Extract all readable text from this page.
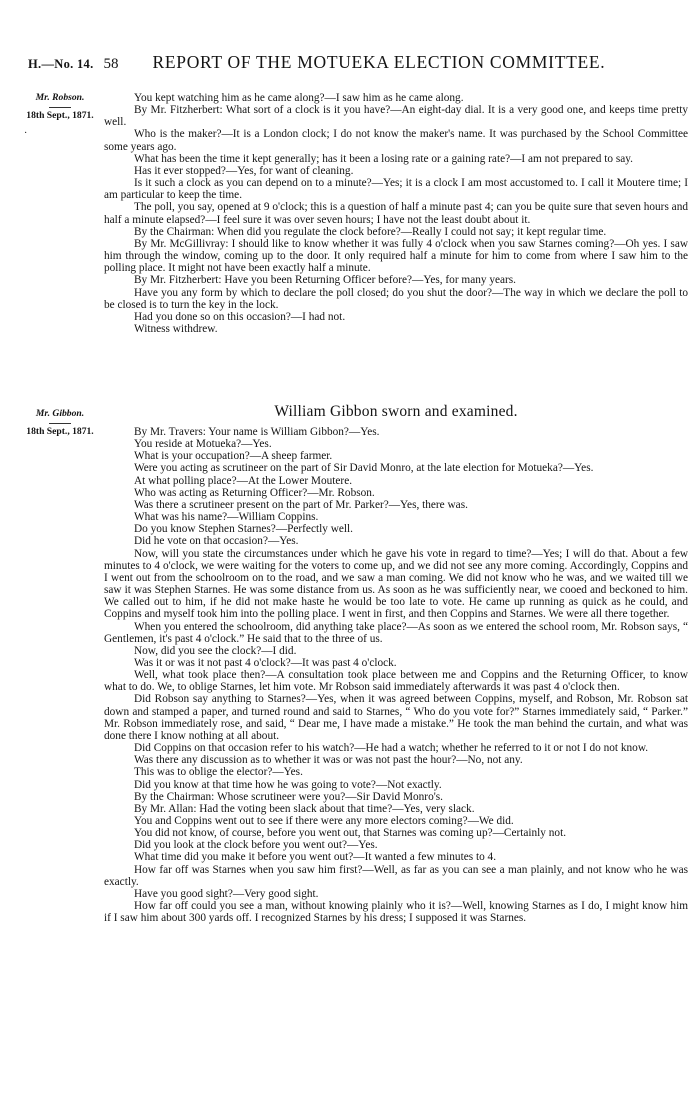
H.—No. 14. 58 REPORT OF THE MOTUEKA ELECTION COMMITTEE.
Mr. Robson.
18th Sept., 1871.
·

You kept watching him as he came along?—I saw him as he came along.

By Mr. Fitzherbert: What sort of a clock is it you have?—An eight-day dial. It is a very good one, and keeps time pretty well.

Who is the maker?—It is a London clock; I do not know the maker's name. It was purchased by the School Committee some years ago.

What has been the time it kept generally; has it been a losing rate or a gaining rate?—I am not prepared to say.

Has it ever stopped?—Yes, for want of cleaning.

Is it such a clock as you can depend on to a minute?—Yes; it is a clock I am most accustomed to. I call it Moutere time; I am particular to keep the time.

The poll, you say, opened at 9 o'clock; this is a question of half a minute past 4; can you be quite sure that seven hours and half a minute elapsed?—I feel sure it was over seven hours; I have not the least doubt about it.

By the Chairman: When did you regulate the clock before?—Really I could not say; it kept regular time.

By Mr. McGillivray: I should like to know whether it was fully 4 o'clock when you saw Starnes coming?—Oh yes. I saw him through the window, coming up to the door. It only required half a minute for him to come from where I saw him to the polling place. It might not have been exactly half a minute.

By Mr. Fitzherbert: Have you been Returning Officer before?—Yes, for many years.

Have you any form by which to declare the poll closed; do you shut the door?—The way in which we declare the poll to be closed is to turn the key in the lock.

Had you done so on this occasion?—I had not.

Witness withdrew.

William Gibbon sworn and examined.
Mr. Gibbon.
18th Sept., 1871.	By Mr. Travers: Your name is William Gibbon?—Yes.

You reside at Motueka?—Yes.

What is your occupation?—A sheep farmer.

Were you acting as scrutineer on the part of Sir David Monro, at the late election for Motueka?—Yes.

At what polling place?—At the Lower Moutere.

Who was acting as Returning Officer?—Mr. Robson.

Was there a scrutineer present on the part of Mr. Parker?—Yes, there was.

What was his name?—William Coppins.

Do you know Stephen Starnes?—Perfectly well.

Did he vote on that occasion?—Yes.

Now, will you state the circumstances under which he gave his vote in regard to time?—Yes; I will do that. About a few minutes to 4 o'clock, we were waiting for the voters to come up, and we did not see any more coming. Accordingly, Coppins and I went out from the schoolroom on to the road, and we saw a man coming. We did not know who he was, and we waited till we saw it was Stephen Starnes. He was some distance from us. As soon as he was sufficiently near, we cooed and beckoned to him. We called out to him, if he did not make haste he would be too late to vote. He came up running as quick as he could, and Coppins and myself took him into the polling place. I went in first, and then Coppins and Starnes. We were all there together.

When you entered the schoolroom, did anything take place?—As soon as we entered the school room, Mr. Robson says, “ Gentlemen, it's past 4 o'clock.” He said that to the three of us.

Now, did you see the clock?—I did.

Was it or was it not past 4 o'clock?—It was past 4 o'clock.

Well, what took place then?—A consultation took place between me and Coppins and the Returning Officer, to know what to do. We, to oblige Starnes, let him vote. Mr Robson said immediately afterwards it was past 4 o'clock then.

Did Robson say anything to Starnes?—Yes, when it was agreed between Coppins, myself, and Robson, Mr. Robson sat down and stamped a paper, and turned round and said to Starnes, “ Who do you vote for?” Starnes immediately said, “ Parker.” Mr. Robson immediately rose, and said, “ Dear me, I have made a mistake.” He took the man behind the curtain, and what was done there I know nothing at all about.

Did Coppins on that occasion refer to his watch?—He had a watch; whether he referred to it or not I do not know.

Was there any discussion as to whether it was or was not past the hour?—No, not any.

This was to oblige the elector?—Yes.

Did you know at that time how he was going to vote?—Not exactly.

By the Chairman: Whose scrutineer were you?—Sir David Monro's.

By Mr. Allan: Had the voting been slack about that time?—Yes, very slack.

You and Coppins went out to see if there were any more electors coming?—We did.

You did not know, of course, before you went out, that Starnes was coming up?—Certainly not.

Did you look at the clock before you went out?—Yes.

What time did you make it before you went out?—It wanted a few minutes to 4.

How far off was Starnes when you saw him first?—Well, as far as you can see a man plainly, and not know who he was exactly.

Have you good sight?—Very good sight.

How far off could you see a man, without knowing plainly who it is?—Well, knowing Starnes as I do, I might know him if I saw him about 300 yards off. I recognized Starnes by his dress; I supposed it was Starnes.
